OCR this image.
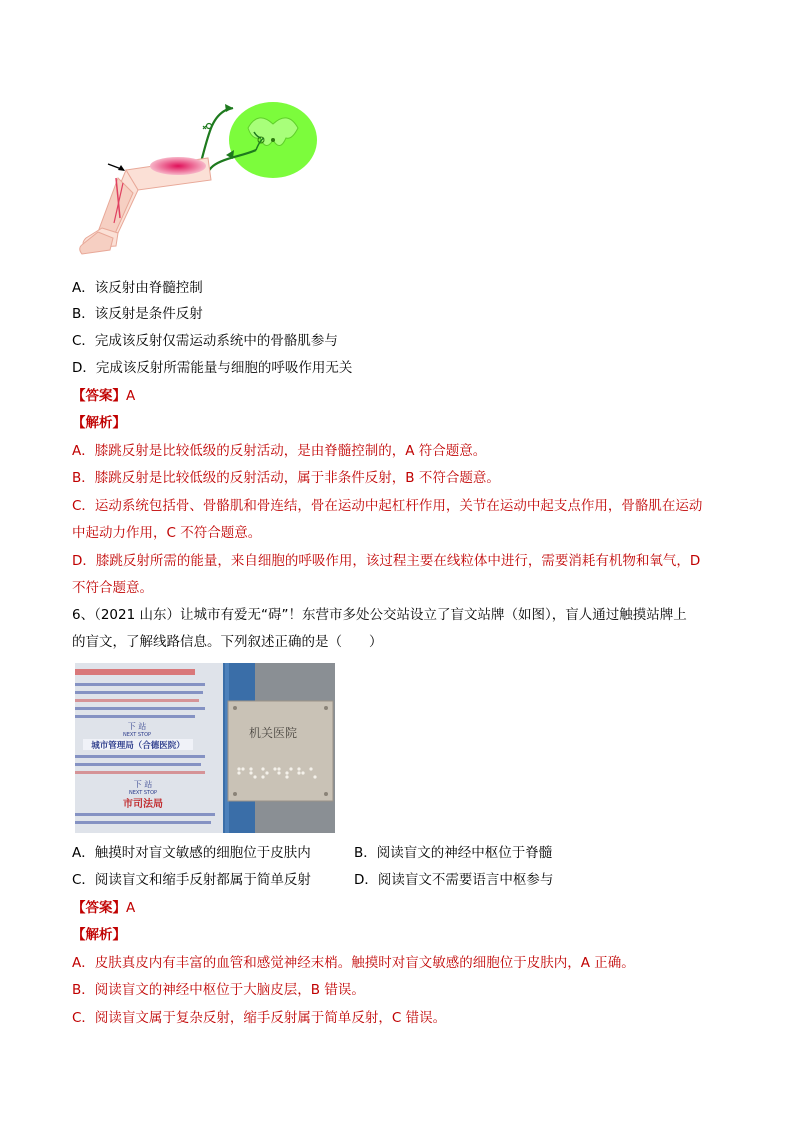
A．该反射由脊髓控制
B．该反射是条件反射
C．完成该反射仅需运动系统中的骨骼肌参与
D．完成该反射所需能量与细胞的呼吸作用无关
【答案】A
【解析】
A．膝跳反射是比较低级的反射活动，是由脊髓控制的，A 符合题意。
B．膝跳反射是比较低级的反射活动，属于非条件反射，B 不符合题意。
C．运动系统包括骨、骨骼肌和骨连结，骨在运动中起杠杆作用，关节在运动中起支点作用，骨骼肌在运动
中起动力作用，C 不符合题意。
D．膝跳反射所需的能量，来自细胞的呼吸作用，该过程主要在线粒体中进行，需要消耗有机物和氧气，D
不符合题意。
6、（2021 山东）让城市有爱无“碍”！东营市多处公交站设立了盲文站牌（如图），盲人通过触摸站牌上
的盲文，了解线路信息。下列叙述正确的是（　　）
下 站
NEXT STOP
城市管理局（合德医院）
下 站
NEXT STOP
市司法局
机关医院
A．触摸时对盲文敏感的细胞位于皮肤内	B．阅读盲文的神经中枢位于脊髓
C．阅读盲文和缩手反射都属于简单反射	D．阅读盲文不需要语言中枢参与
【答案】A
【解析】
A．皮肤真皮内有丰富的血管和感觉神经末梢。触摸时对盲文敏感的细胞位于皮肤内，A 正确。
B．阅读盲文的神经中枢位于大脑皮层，B 错误。
C．阅读盲文属于复杂反射，缩手反射属于简单反射，C 错误。
